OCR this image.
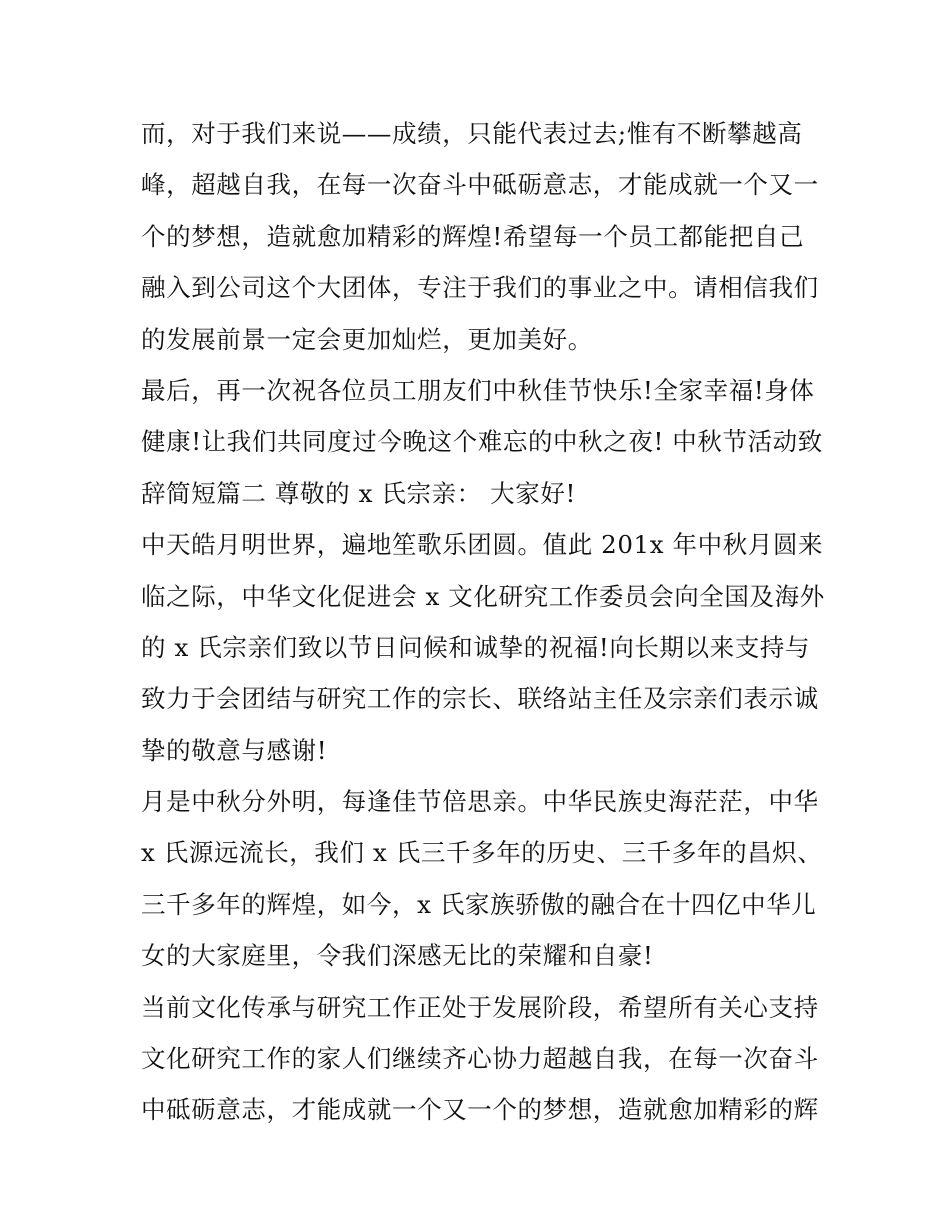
而，对于我们来说——成绩，只能代表过去;惟有不断攀越高
峰，超越自我，在每一次奋斗中砥砺意志，才能成就一个又一
个的梦想，造就愈加精彩的辉煌!希望每一个员工都能把自己
融入到公司这个大团体，专注于我们的事业之中。请相信我们
的发展前景一定会更加灿烂，更加美好。
最后，再一次祝各位员工朋友们中秋佳节快乐!全家幸福!身体
健康!让我们共同度过今晚这个难忘的中秋之夜! 中秋节活动致
辞简短篇二 尊敬的 x 氏宗亲： 大家好!
中天皓月明世界，遍地笙歌乐团圆。值此 201x 年中秋月圆来
临之际，中华文化促进会 x 文化研究工作委员会向全国及海外
的 x 氏宗亲们致以节日问候和诚挚的祝福!向长期以来支持与
致力于会团结与研究工作的宗长、联络站主任及宗亲们表示诚
挚的敬意与感谢!
月是中秋分外明，每逢佳节倍思亲。中华民族史海茫茫，中华
x 氏源远流长，我们 x 氏三千多年的历史、三千多年的昌炽、
三千多年的辉煌，如今，x 氏家族骄傲的融合在十四亿中华儿
女的大家庭里，令我们深感无比的荣耀和自豪!
当前文化传承与研究工作正处于发展阶段，希望所有关心支持
文化研究工作的家人们继续齐心协力超越自我，在每一次奋斗
中砥砺意志，才能成就一个又一个的梦想，造就愈加精彩的辉
